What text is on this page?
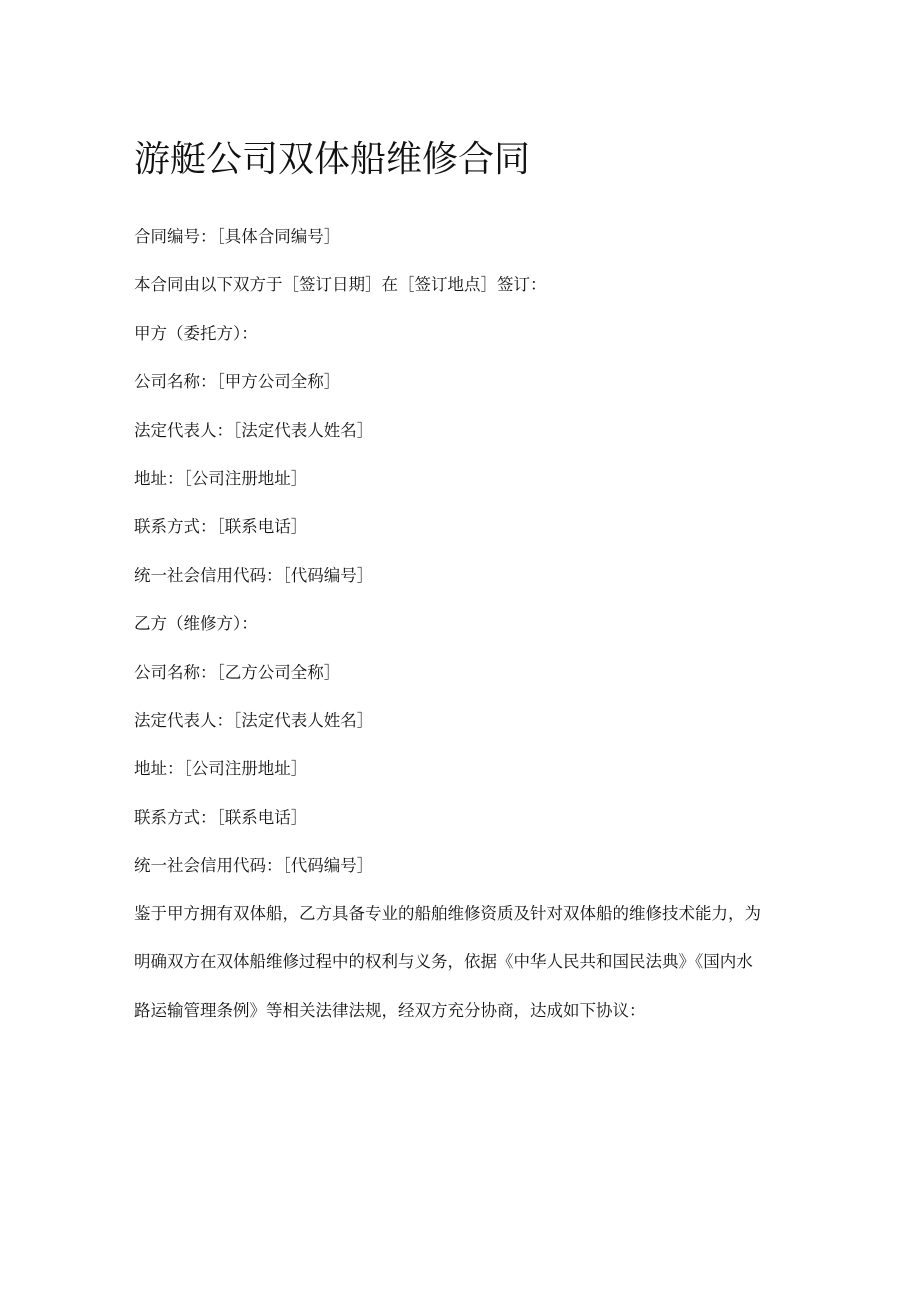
游艇公司双体船维修合同
合同编号：［具体合同编号］
本合同由以下双方于［签订日期］在［签订地点］签订：
甲方（委托方）：
公司名称：［甲方公司全称］
法定代表人：［法定代表人姓名］
地址：［公司注册地址］
联系方式：［联系电话］
统一社会信用代码：［代码编号］
乙方（维修方）：
公司名称：［乙方公司全称］
法定代表人：［法定代表人姓名］
地址：［公司注册地址］
联系方式：［联系电话］
统一社会信用代码：［代码编号］
鉴于甲方拥有双体船，乙方具备专业的船舶维修资质及针对双体船的维修技术能力，为
明确双方在双体船维修过程中的权利与义务，依据《中华人民共和国民法典》《国内水
路运输管理条例》等相关法律法规，经双方充分协商，达成如下协议：
